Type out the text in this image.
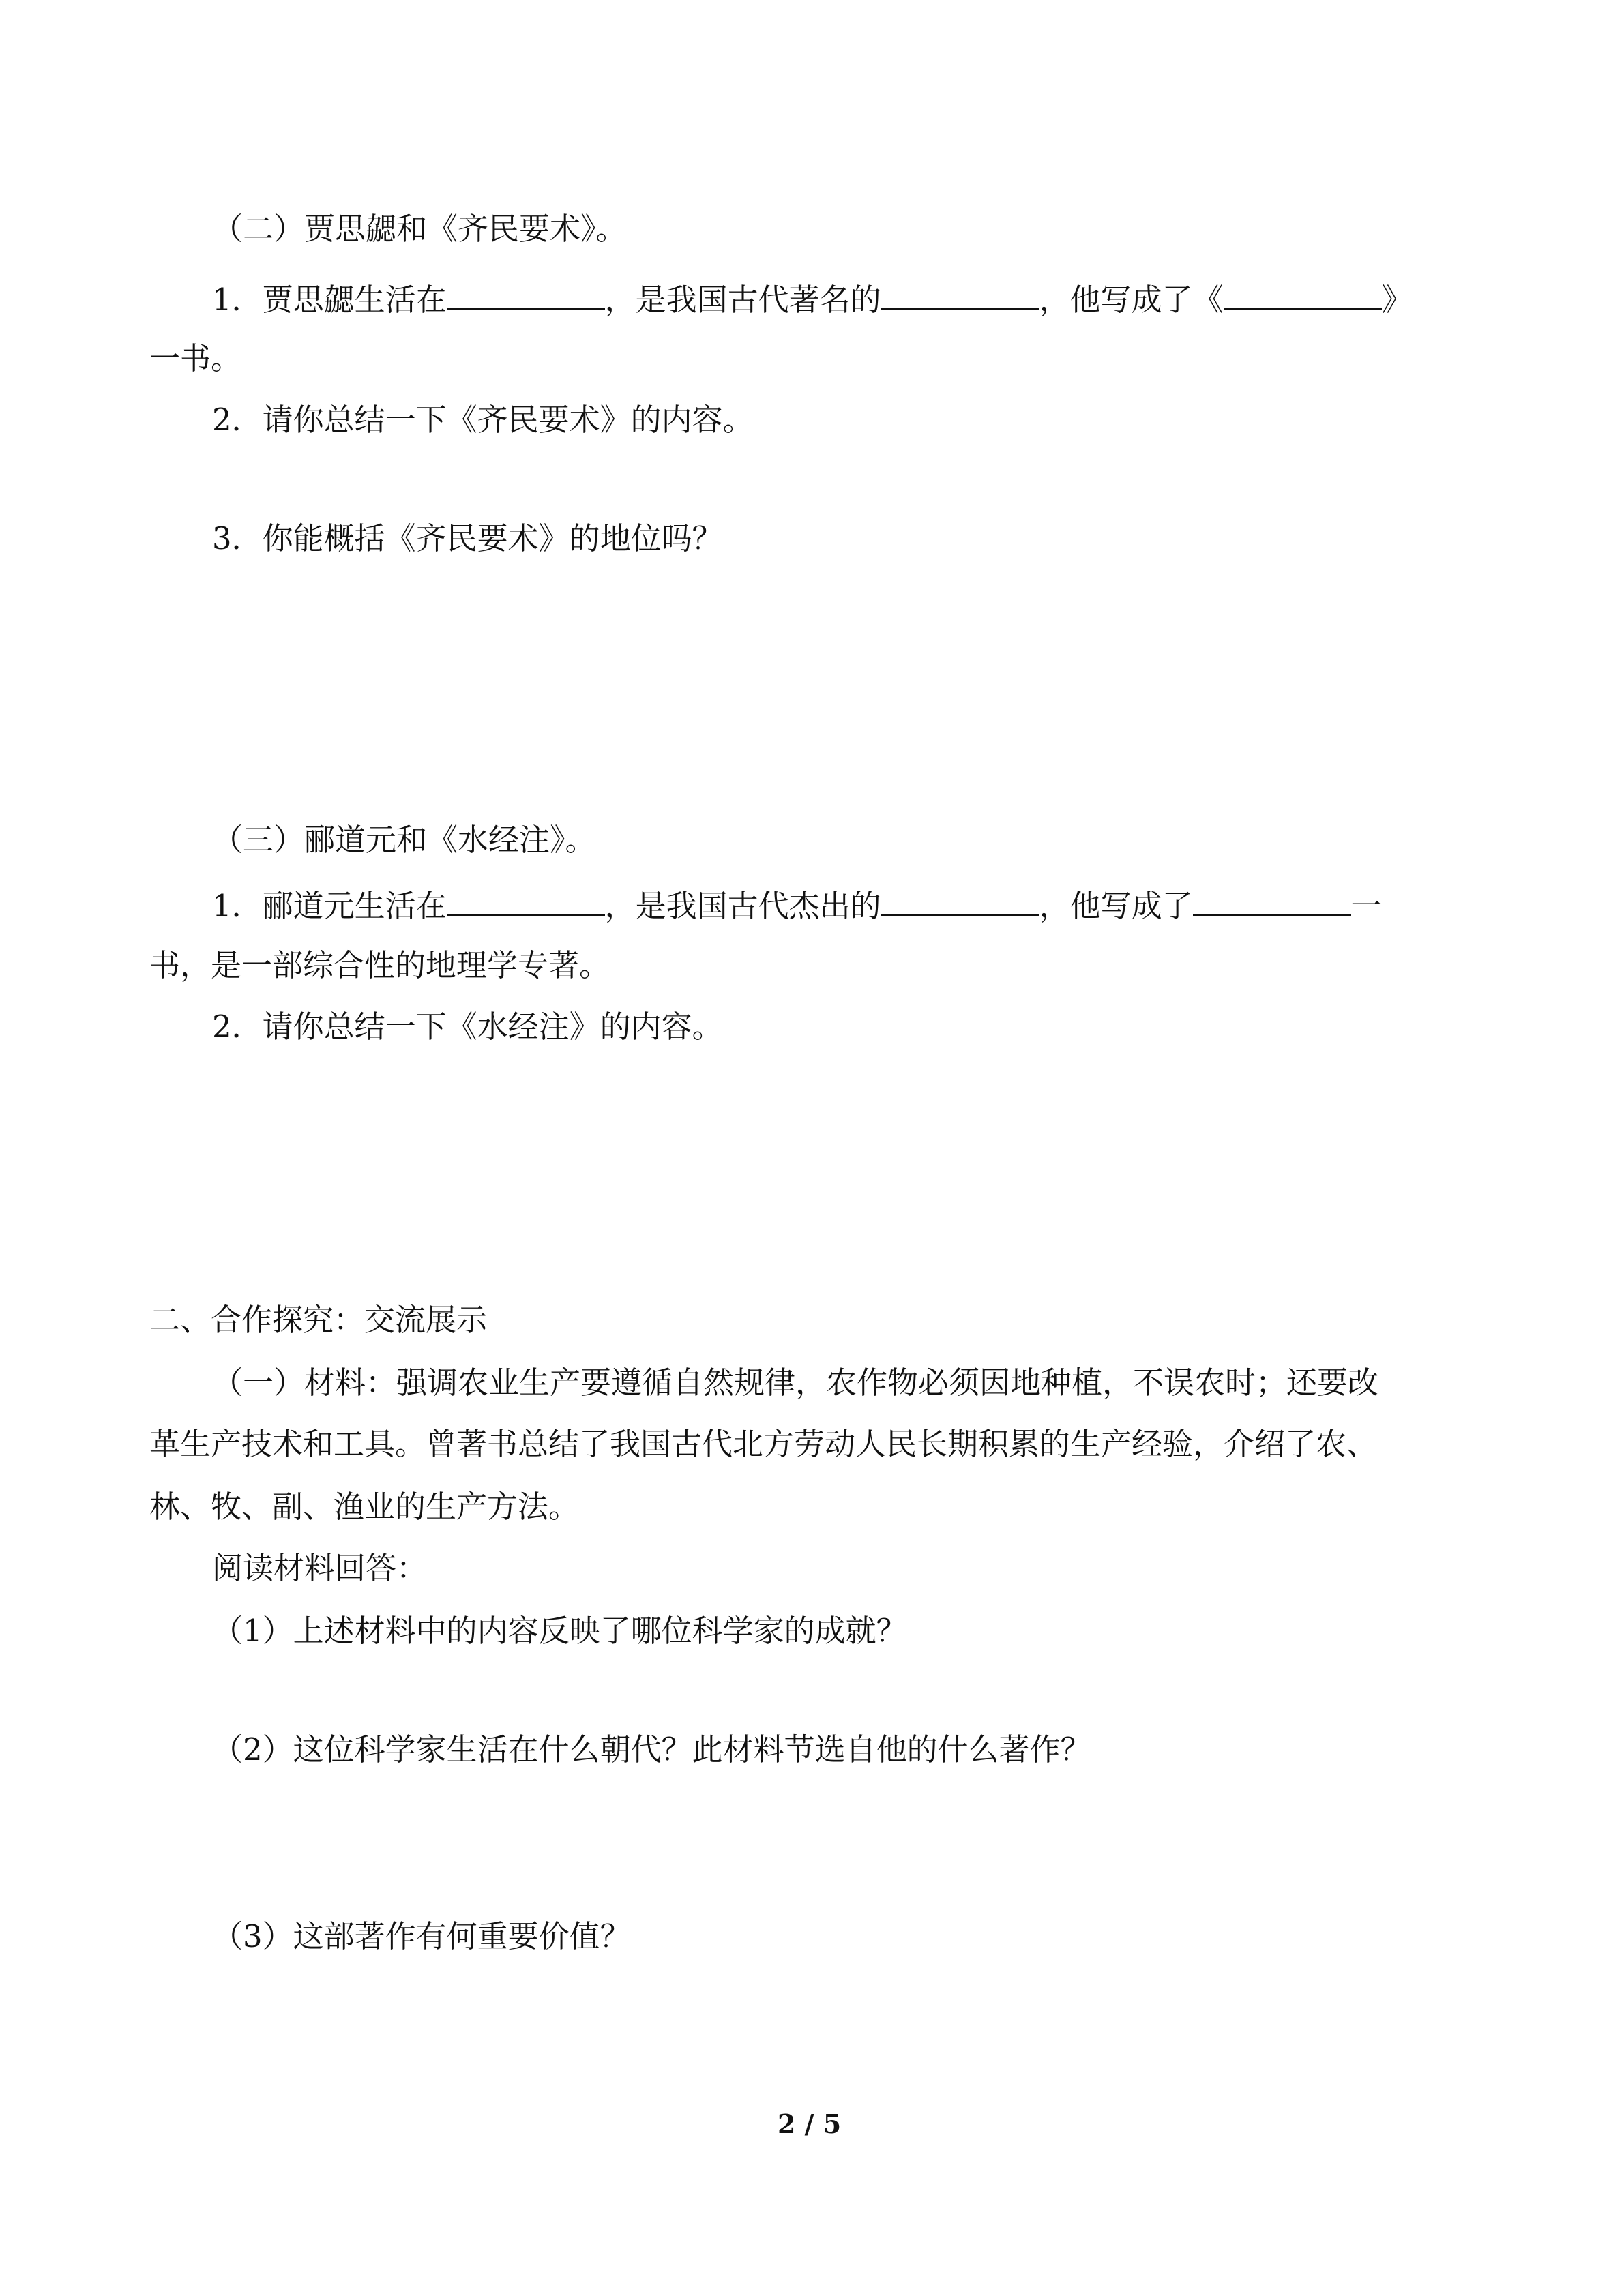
（二）贾思勰和《齐民要术》。
1．贾思勰生活在	，是我国古代著名的	，他写成了《	》
一书。
2．请你总结一下《齐民要术》的内容。
3．你能概括《齐民要术》的地位吗？
（三）郦道元和《水经注》。
1．郦道元生活在	，是我国古代杰出的	，他写成了	一
书，是一部综合性的地理学专著。
2．请你总结一下《水经注》的内容。
二、合作探究：交流展示
（一）材料：强调农业生产要遵循自然规律，农作物必须因地种植，不误农时；还要改
革生产技术和工具。曾著书总结了我国古代北方劳动人民长期积累的生产经验，介绍了农、
林、牧、副、渔业的生产方法。
阅读材料回答：
（1）上述材料中的内容反映了哪位科学家的成就？
（2）这位科学家生活在什么朝代？此材料节选自他的什么著作？
（3）这部著作有何重要价值？
2 / 5
